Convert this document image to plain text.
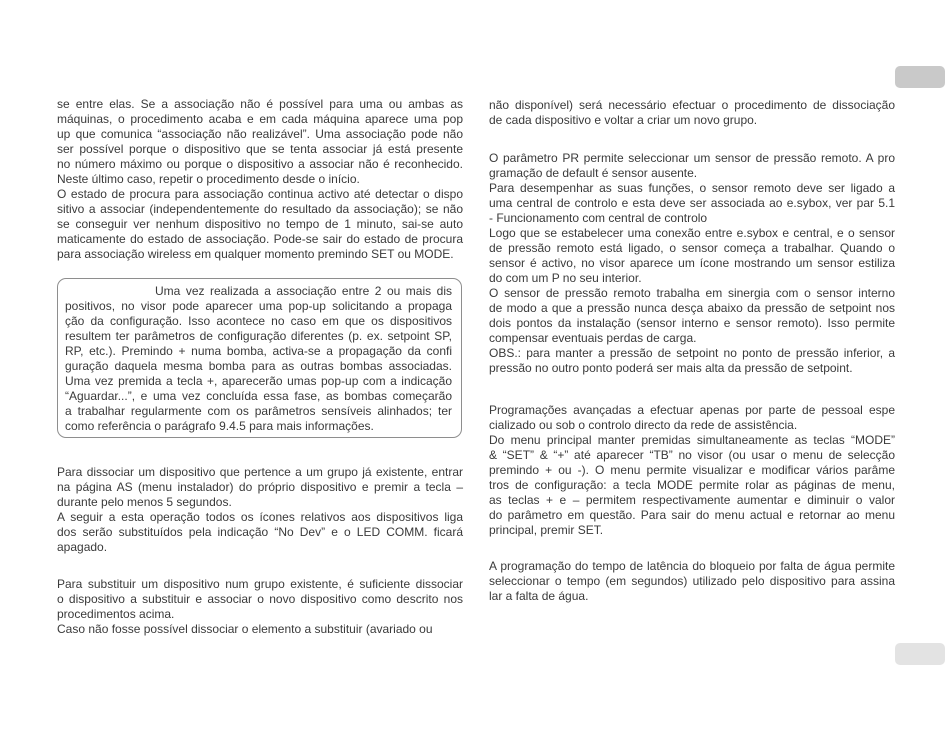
se entre elas. Se a associação não é possível para uma ou ambas as
máquinas, o procedimento acaba e em cada máquina aparece uma pop
up que comunica “associação não realizável”. Uma associação pode não
ser possível porque o dispositivo que se tenta associar já está presente
no número máximo ou porque o dispositivo a associar não é reconhecido.
Neste último caso, repetir o procedimento desde o início.
O estado de procura para associação continua activo até detectar o dispo
sitivo a associar (independentemente do resultado da associação); se não
se conseguir ver nenhum dispositivo no tempo de 1 minuto, sai-se auto
maticamente do estado de associação. Pode-se sair do estado de procura
para associação wireless em qualquer momento premindo SET ou MODE.
Uma vez realizada a associação entre 2 ou mais dis
positivos, no visor pode aparecer uma pop-up solicitando a propaga
ção da configuração. Isso acontece no caso em que os dispositivos
resultem ter parâmetros de configuração diferentes (p. ex. setpoint SP,
RP, etc.). Premindo + numa bomba, activa-se a propagação da confi
guração daquela mesma bomba para as outras bombas associadas.
Uma vez premida a tecla +, aparecerão umas pop-up com a indicação
“Aguardar...”, e uma vez concluída essa fase, as bombas começarão
a trabalhar regularmente com os parâmetros sensíveis alinhados; ter
como referência o parágrafo 9.4.5 para mais informações.
Para dissociar um dispositivo que pertence a um grupo já existente, entrar
na página AS (menu instalador) do próprio dispositivo e premir a tecla –
durante pelo menos 5 segundos.
A seguir a esta operação todos os ícones relativos aos dispositivos liga
dos serão substituídos pela indicação “No Dev” e o LED COMM. ficará
apagado.
Para substituir um dispositivo num grupo existente, é suficiente dissociar
o dispositivo a substituir e associar o novo dispositivo como descrito nos
procedimentos acima.
Caso não fosse possível dissociar o elemento a substituir (avariado ou
não disponível) será necessário efectuar o procedimento de dissociação
de cada dispositivo e voltar a criar um novo grupo.
O parâmetro PR permite seleccionar um sensor de pressão remoto. A pro
gramação de default é sensor ausente.
Para desempenhar as suas funções, o sensor remoto deve ser ligado a
uma central de controlo e esta deve ser associada ao e.sybox, ver par 5.1
- Funcionamento com central de controlo
Logo que se estabelecer uma conexão entre e.sybox e central, e o sensor
de pressão remoto está ligado, o sensor começa a trabalhar. Quando o
sensor é activo, no visor aparece um ícone mostrando um sensor estiliza
do com um P no seu interior.
O sensor de pressão remoto trabalha em sinergia com o sensor interno
de modo a que a pressão nunca desça abaixo da pressão de setpoint nos
dois pontos da instalação (sensor interno e sensor remoto). Isso permite
compensar eventuais perdas de carga.
OBS.: para manter a pressão de setpoint no ponto de pressão inferior, a
pressão no outro ponto poderá ser mais alta da pressão de setpoint.
Programações avançadas a efectuar apenas por parte de pessoal espe
cializado ou sob o controlo directo da rede de assistência.
Do menu principal manter premidas simultaneamente as teclas “MODE”
& “SET” & “+” até aparecer “TB” no visor (ou usar o menu de selecção
premindo + ou -). O menu permite visualizar e modificar vários parâme
tros de configuração: a tecla MODE permite rolar as páginas de menu,
as teclas + e – permitem respectivamente aumentar e diminuir o valor
do parâmetro em questão. Para sair do menu actual e retornar ao menu
principal, premir SET.
A programação do tempo de latência do bloqueio por falta de água permite
seleccionar o tempo (em segundos) utilizado pelo dispositivo para assina
lar a falta de água.
